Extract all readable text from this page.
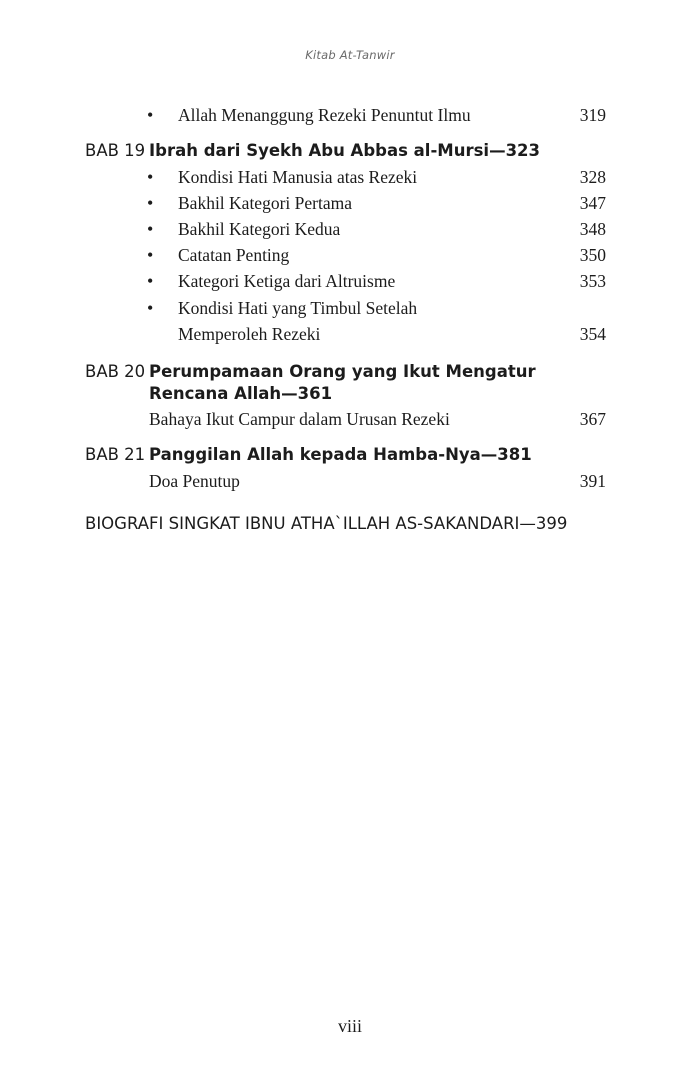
Kitab At-Tanwir
• Allah Menanggung Rezeki Penuntut Ilmu	319
BAB 19 Ibrah dari Syekh Abu Abbas al-Mursi—323
• Kondisi Hati Manusia atas Rezeki	328
• Bakhil Kategori Pertama	347
• Bakhil Kategori Kedua	348
• Catatan Penting	350
• Kategori Ketiga dari Altruisme	353
• Kondisi Hati yang Timbul Setelah
Memperoleh Rezeki	354
BAB 20 Perumpamaan Orang yang Ikut Mengatur
Rencana Allah—361
Bahaya Ikut Campur dalam Urusan Rezeki	367
BAB 21 Panggilan Allah kepada Hamba-Nya—381
Doa Penutup	391
BIOGRAFI SINGKAT IBNU ATHA`ILLAH AS-SAKANDARI—399
viii
